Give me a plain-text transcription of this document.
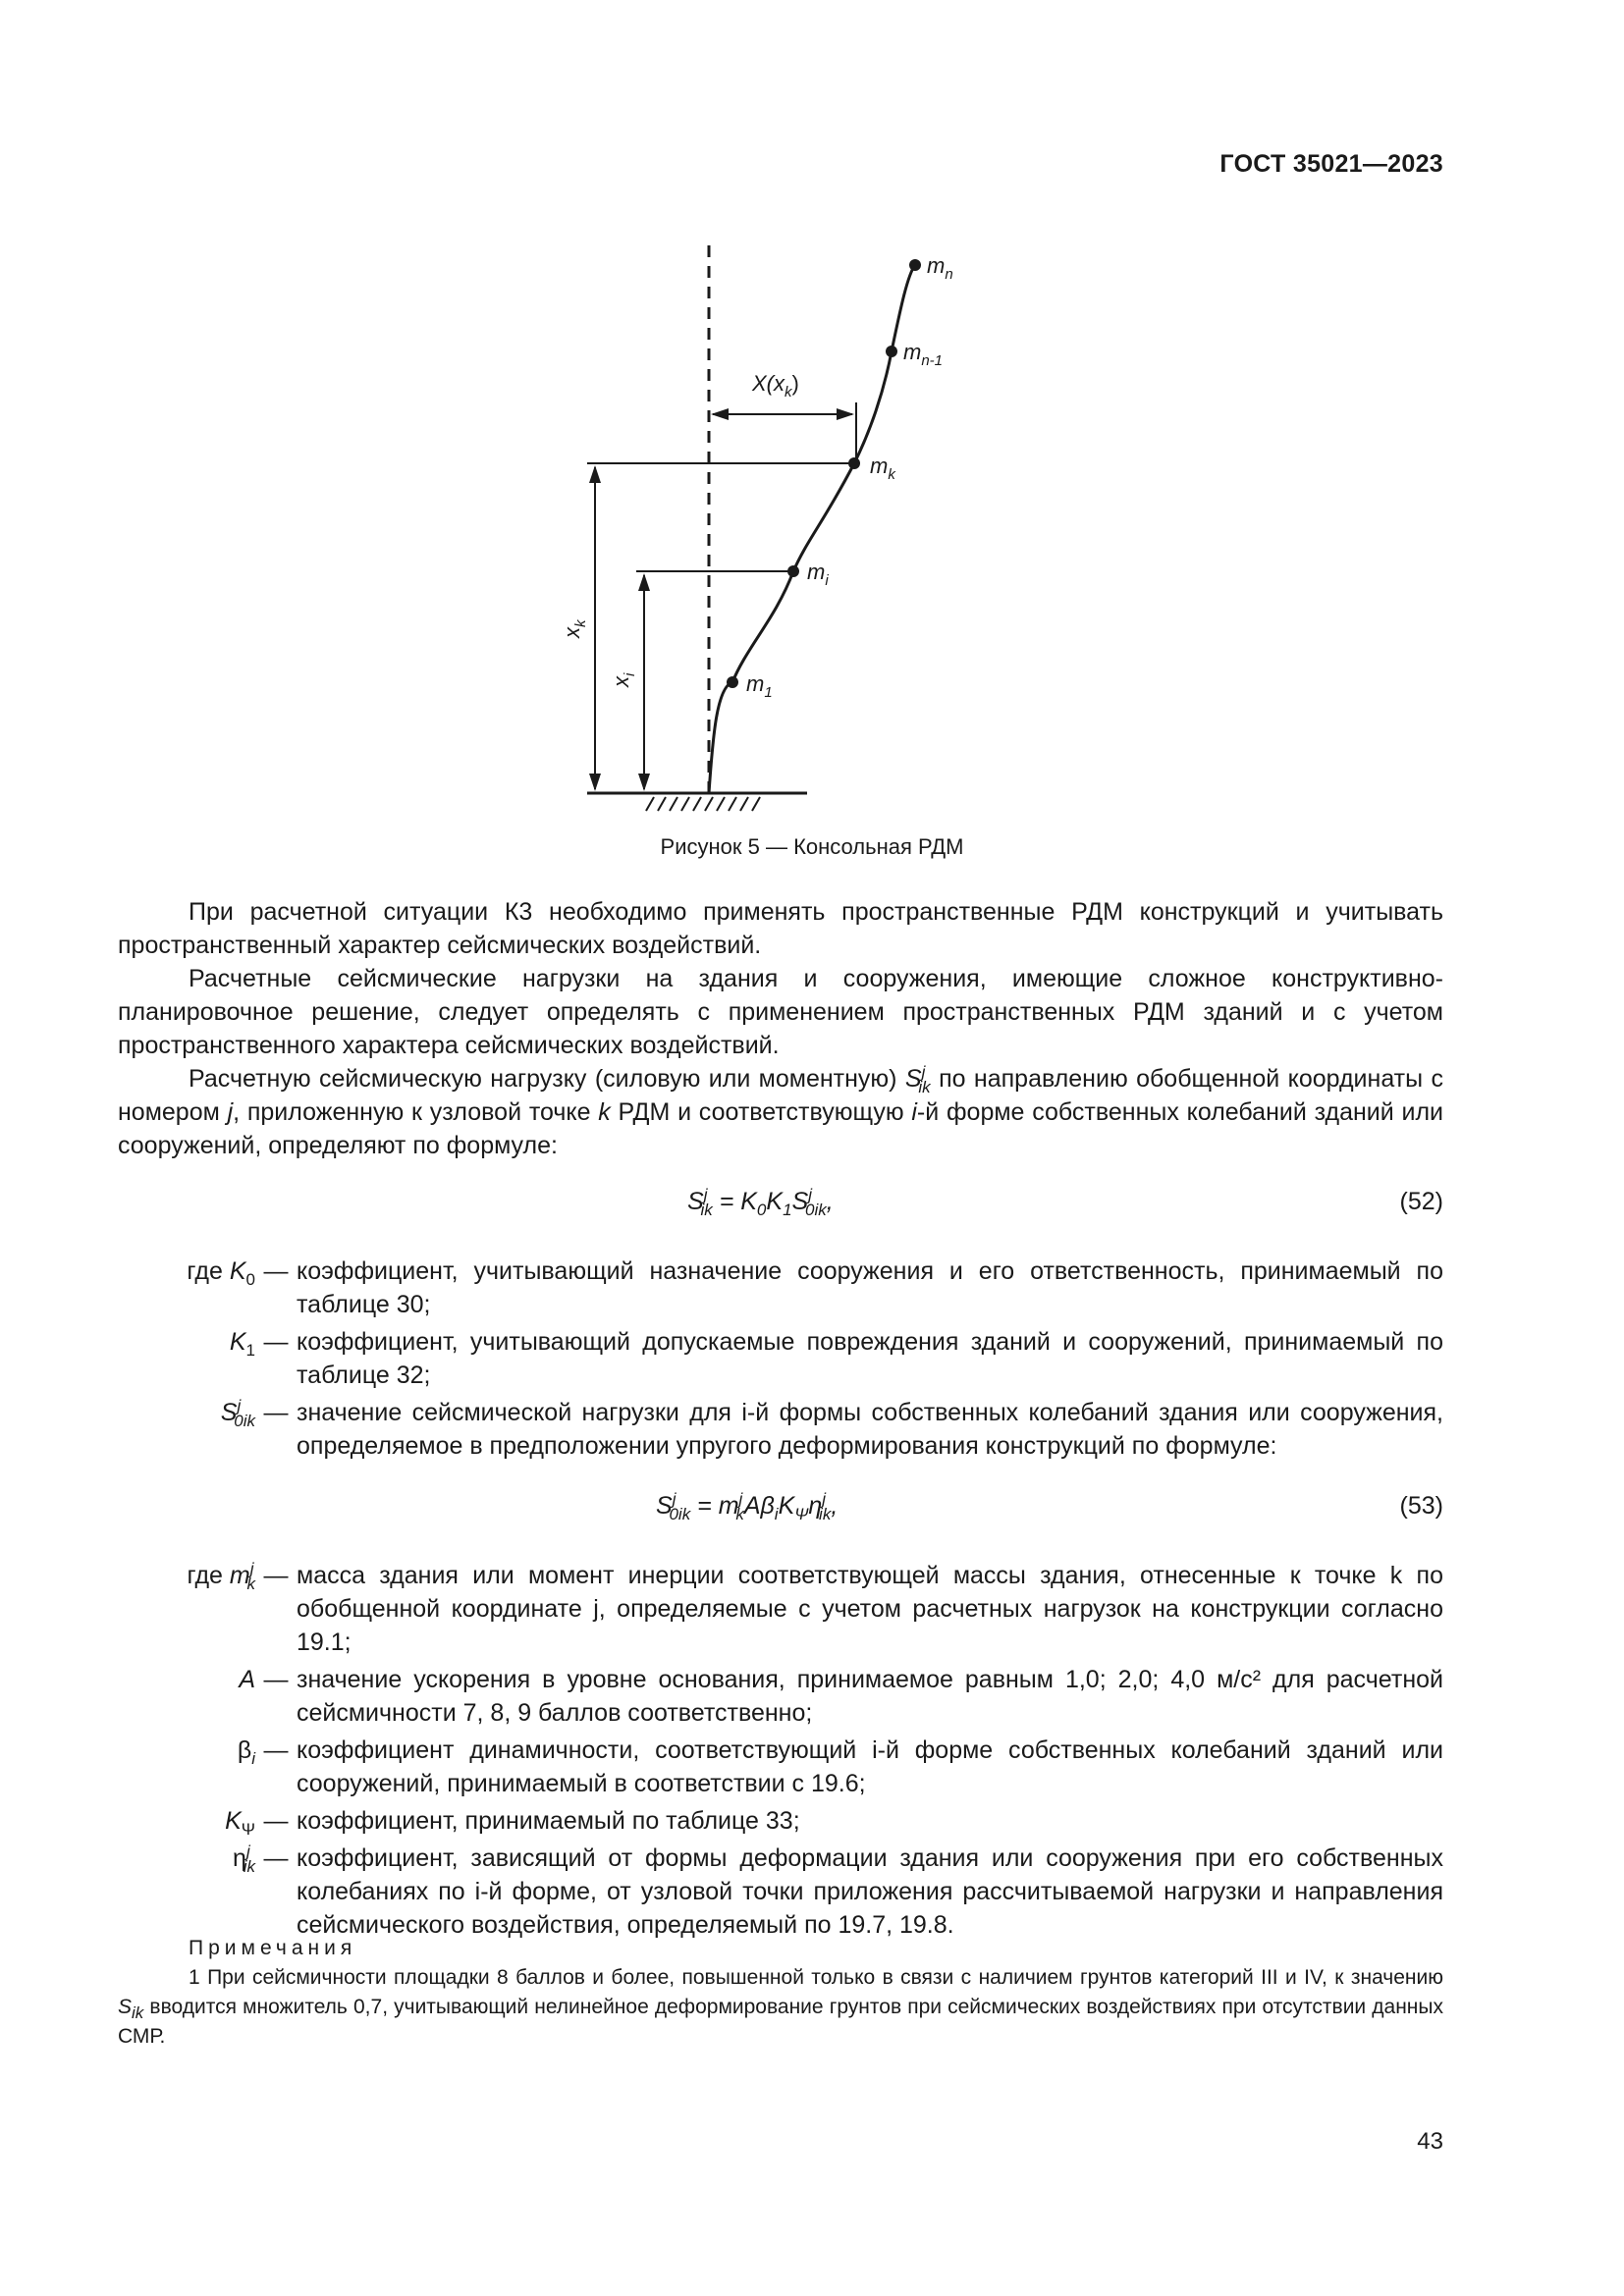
ГОСТ 35021—2023
$m_n$
$m_{n-1}$
$m_k$
$m_i$
$m_1$
$X(x_k)$
$x_k$
$x_i$
Рисунок 5 — Консольная РДМ

При расчетной ситуации К3 необходимо применять пространственные РДМ конструкций и учитывать пространственный характер сейсмических воздействий.

Расчетные сейсмические нагрузки на здания и сооружения, имеющие сложное конструктивно-планировочное решение, следует определять с применением пространственных РДМ зданий и с учетом пространственного характера сейсмических воздействий.

Расчетную сейсмическую нагрузку (силовую или моментную) $S^j_{ik}$ по направлению обобщенной координаты с номером j, приложенную к узловой точке k РДМ и соответствующую i-й форме собственных колебаний зданий или сооружений, определяют по формуле:

$S^j_{ik} = K_0K_1S^j_{0ik}$,	(52)
где $K_0$ — коэффициент, учитывающий назначение сооружения и его ответственность, принимаемый по таблице 30;
$K_1$ — коэффициент, учитывающий допускаемые повреждения зданий и сооружений, принимаемый по таблице 32;
$S^j_{0ik}$ — значение сейсмической нагрузки для i-й формы собственных колебаний здания или сооружения, определяемое в предположении упругого деформирования конструкций по формуле:
$S^j_{0ik} = m^j_kA\beta_iK_\Psi\eta^j_{ik}$,	(53)
где $m^j_k$ — масса здания или момент инерции соответствующей массы здания, отнесенные к точке k по обобщенной координате j, определяемые с учетом расчетных нагрузок на конструкции согласно 19.1;
A — значение ускорения в уровне основания, принимаемое равным 1,0; 2,0; 4,0 м/с² для расчетной сейсмичности 7, 8, 9 баллов соответственно;
$\beta_i$ — коэффициент динамичности, соответствующий i-й форме собственных колебаний зданий или сооружений, принимаемый в соответствии с 19.6;
$K_\Psi$ — коэффициент, принимаемый по таблице 33;
$\eta^j_{ik}$ — коэффициент, зависящий от формы деформации здания или сооружения при его собственных колебаниях по i-й форме, от узловой точки приложения рассчитываемой нагрузки и направления сейсмического воздействия, определяемый по 19.7, 19.8.
Примечания

1 При сейсмичности площадки 8 баллов и более, повышенной только в связи с наличием грунтов категорий III и IV, к значению $S_{ik}$ вводится множитель 0,7, учитывающий нелинейное деформирование грунтов при сейсмических воздействиях при отсутствии данных СМР.

43
